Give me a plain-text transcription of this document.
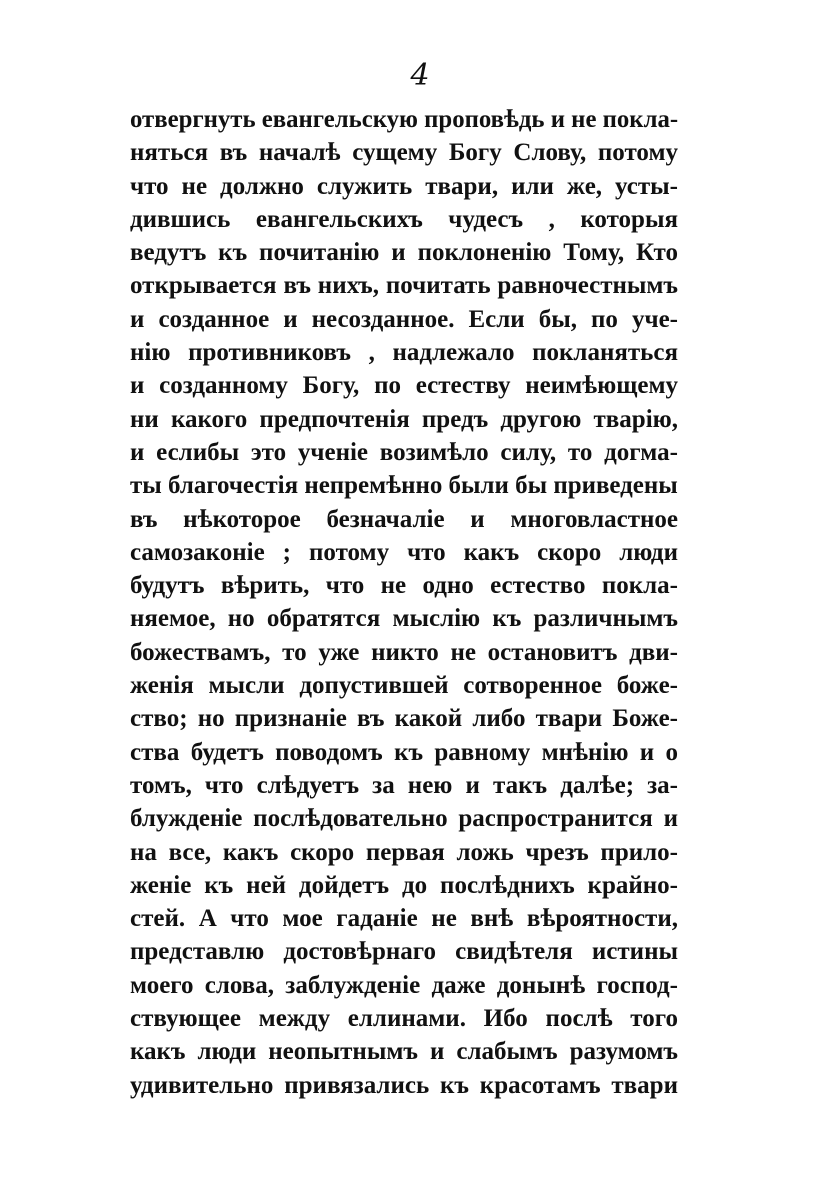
4
отвергнуть евангельскую проповѣдь и не покла-
няться въ началѣ сущему Богу Слову, потому
что не должно служить твари, или же, усты-
дившись евангельскихъ чудесъ , которыя
ведутъ къ почитанію и поклоненію Тому, Кто
открывается въ нихъ, почитать равночестнымъ
и созданное и несозданное. Если бы, по уче-
нію противниковъ , надлежало покланяться
и созданному Богу, по естеству неимѣющему
ни какого предпочтенія предъ другою тварію,
и еслибы это ученіе возимѣло силу, то догма-
ты благочестія непремѣнно были бы приведены
въ нѣкоторое безначаліе и многовластное
самозаконіе ; потому что какъ скоро люди
будутъ вѣрить, что не одно естество покла-
няемое, но обратятся мыслію къ различнымъ
божествамъ, то уже никто не остановитъ дви-
женія мысли допустившей сотворенное боже-
ство; но признаніе въ какой либо твари Боже-
ства будетъ поводомъ къ равному мнѣнію и о
томъ, что слѣдуетъ за нею и такъ далѣе; за-
блужденіе послѣдовательно распространится и
на все, какъ скоро первая ложь чрезъ прило-
женіе къ ней дойдетъ до послѣднихъ крайно-
стей. А что мое гаданіе не внѣ вѣроятности,
представлю достовѣрнаго свидѣтеля истины
моего слова, заблужденіе даже донынѣ господ-
ствующее между еллинами. Ибо послѣ того
какъ люди неопытнымъ и слабымъ разумомъ
удивительно привязались къ красотамъ твари
